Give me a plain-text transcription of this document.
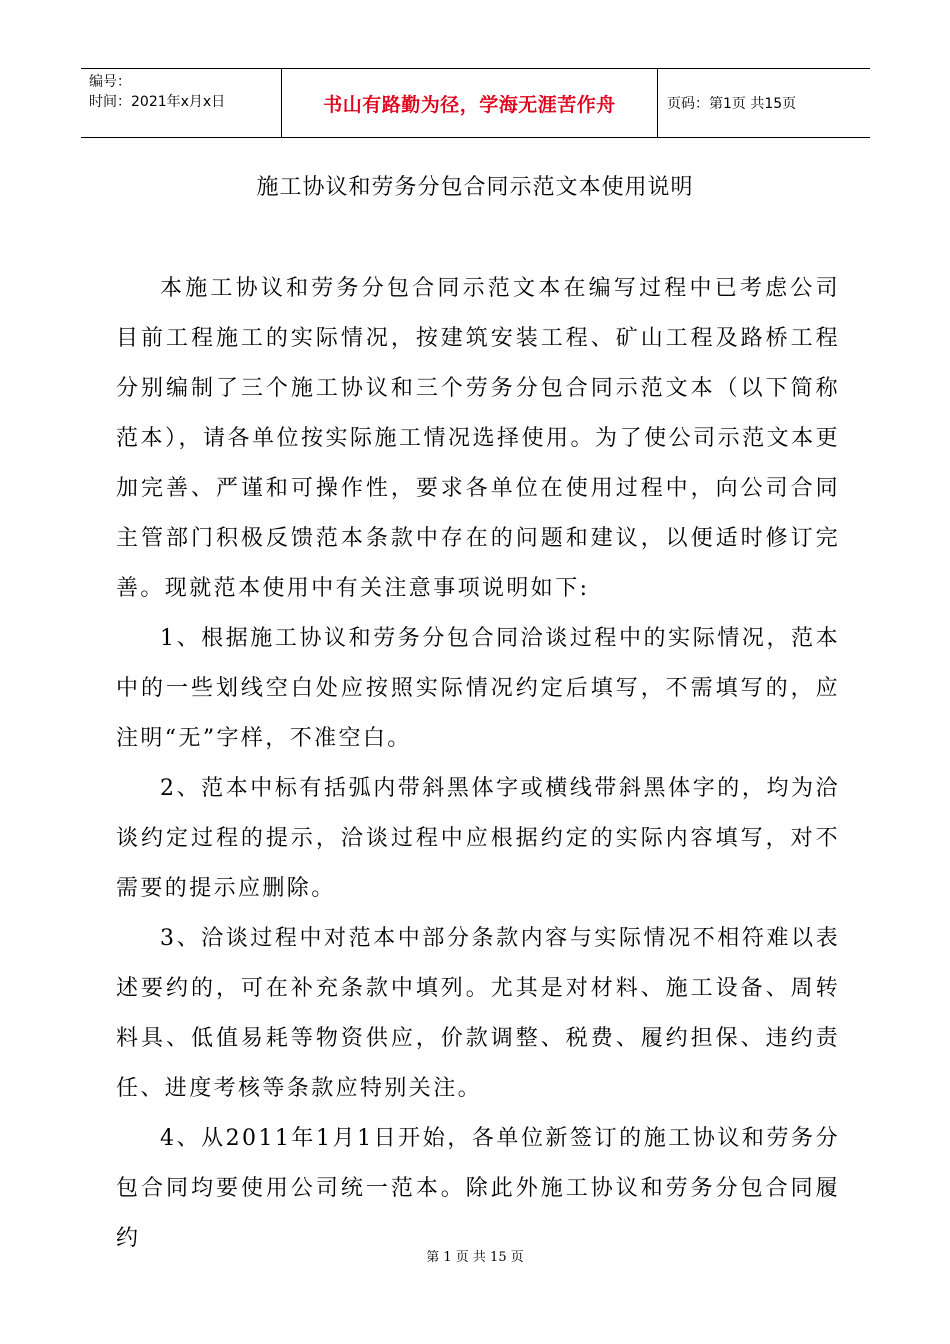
编号：
时间：2021年x月x日	书山有路勤为径，学海无涯苦作舟	页码：第1页 共15页
施工协议和劳务分包合同示范文本使用说明

本施工协议和劳务分包合同示范文本在编写过程中已考虑公司目前工程施工的实际情况，按建筑安装工程、矿山工程及路桥工程分别编制了三个施工协议和三个劳务分包合同示范文本（以下简称范本），请各单位按实际施工情况选择使用。为了使公司示范文本更加完善、严谨和可操作性，要求各单位在使用过程中，向公司合同主管部门积极反馈范本条款中存在的问题和建议，以便适时修订完善。现就范本使用中有关注意事项说明如下:

1、根据施工协议和劳务分包合同洽谈过程中的实际情况，范本中的一些划线空白处应按照实际情况约定后填写，不需填写的，应注明“无”字样，不准空白。

2、范本中标有括弧内带斜黑体字或横线带斜黑体字的，均为洽谈约定过程的提示，洽谈过程中应根据约定的实际内容填写，对不需要的提示应删除。

3、洽谈过程中对范本中部分条款内容与实际情况不相符难以表述要约的，可在补充条款中填列。尤其是对材料、施工设备、周转料具、低值易耗等物资供应，价款调整、税费、履约担保、违约责任、进度考核等条款应特别关注。

4、从2011年1月1日开始，各单位新签订的施工协议和劳务分包合同均要使用公司统一范本。除此外施工协议和劳务分包合同履约

第 1 页 共 15 页
